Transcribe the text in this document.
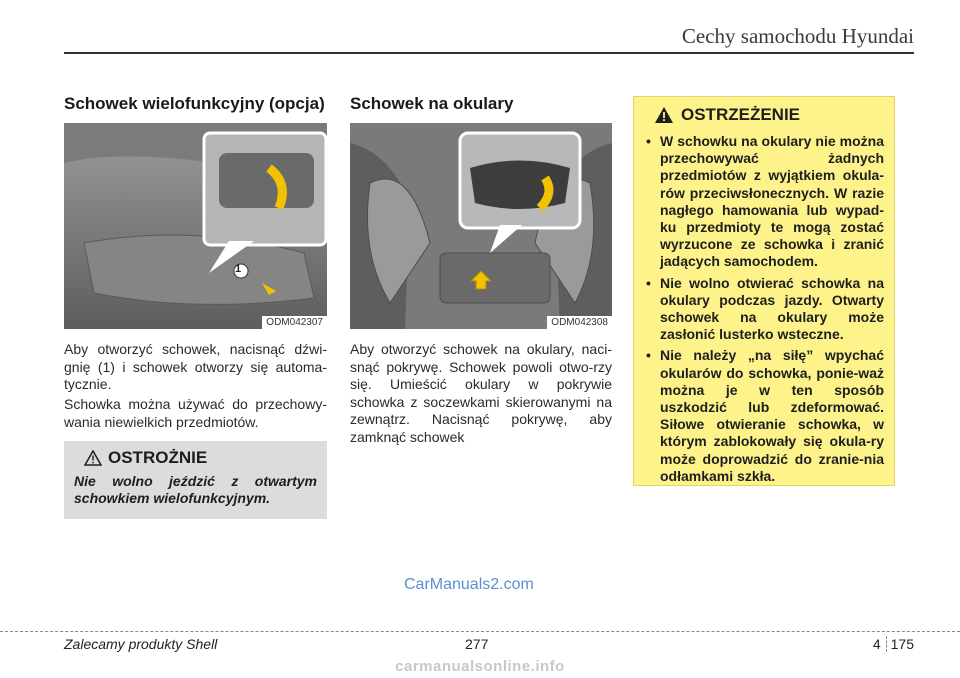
Cechy samochodu Hyundai
Schowek wielofunkcyjny (opcja)
1
ODM042307

Aby otworzyć schowek, nacisnąć dźwi-gnię (1) i schowek otworzy się automa-tycznie.

Schowka można używać do przechowy-wania niewielkich przedmiotów.

OSTROŻNIE
Nie wolno jeździć z otwartym schowkiem wielofunkcyjnym.
Schowek na okulary
ODM042308

Aby otworzyć schowek na okulary, naci-snąć pokrywę. Schowek powoli otwo-rzy się. Umieścić okulary w pokrywie schowka z soczewkami skierowanymi na zewnątrz. Nacisnąć pokrywę, aby zamknąć schowek

OSTRZEŻENIE
• W schowku na okulary nie można przechowywać żadnych przedmiotów z wyjątkiem okula-rów przeciwsłonecznych. W razie nagłego hamowania lub wypad-ku przedmioty te mogą zostać wyrzucone ze schowka i zranić jadących samochodem.
• Nie wolno otwierać schowka na okulary podczas jazdy. Otwarty schowek na okulary może zasłonić lusterko wsteczne.
• Nie należy „na siłę” wpychać okularów do schowka, ponie-waż można je w ten sposób uszkodzić lub zdeformować. Siłowe otwieranie schowka, w którym zablokowały się okula-ry może doprowadzić do zranie-nia odłamkami szkła.
CarManuals2.com
Zalecamy produkty Shell	277	4 175
carmanualsonline.info
